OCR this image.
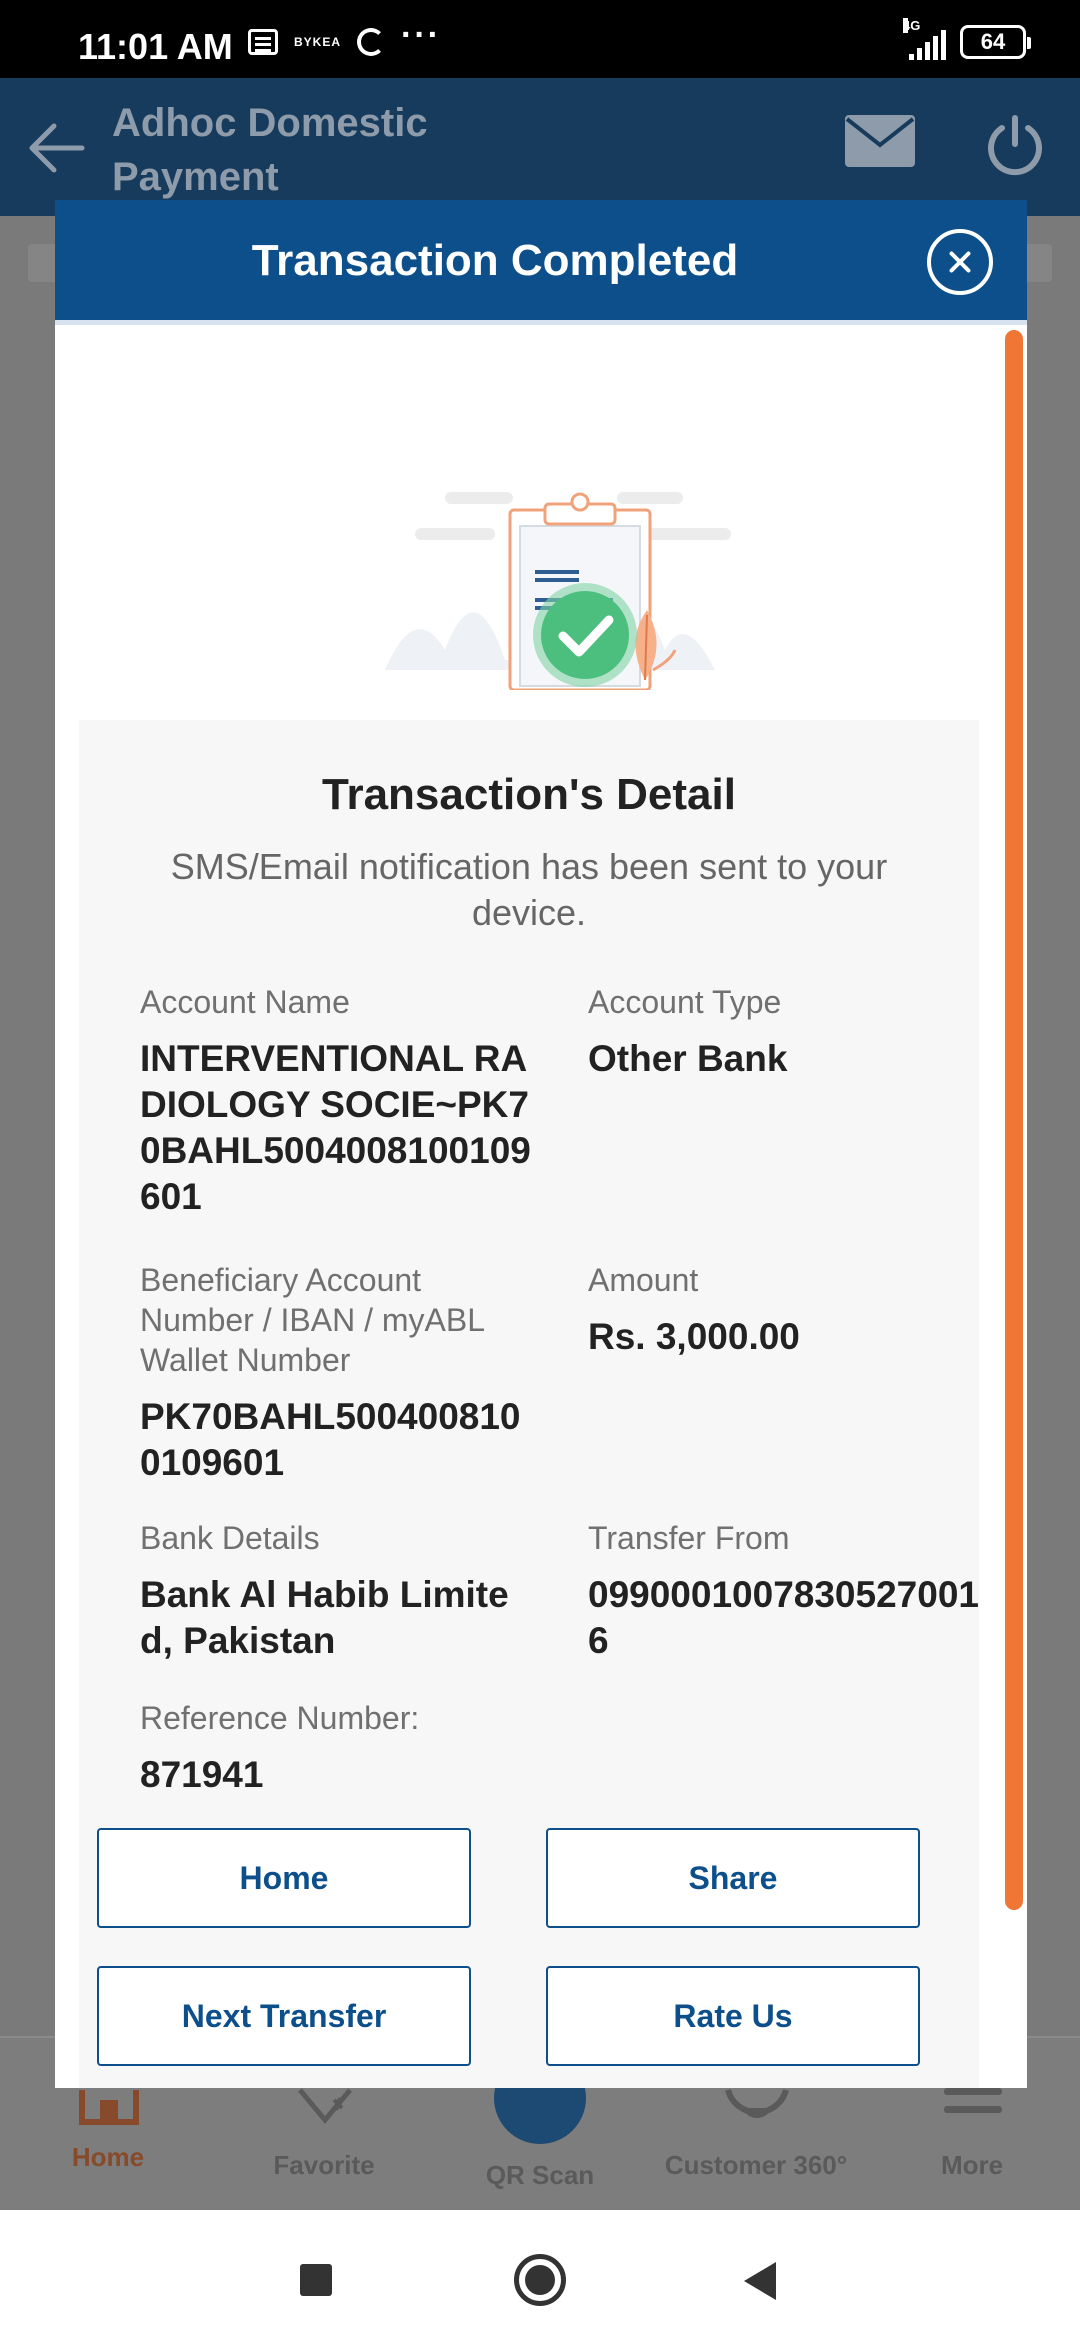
11:01 AM	BYKEA ···	4G
64
Adhoc Domestic Payment
Home	Favorite	QR Scan	Customer 360°	More
Transaction Completed
Transaction's Detail
SMS/Email notification has been sent to your device.
Account Name
INTERVENTIONAL RADIOLOGY SOCIE~PK70BAHL5004008100109601
Account Type
Other Bank
Beneficiary Account Number / IBAN / myABL Wallet Number
PK70BAHL5004008100109601
Amount
Rs. 3,000.00
Bank Details
Bank Al Habib Limited, Pakistan
Transfer From
09900010078305270016
Reference Number:
871941
Home	Share
Next Transfer	Rate Us
